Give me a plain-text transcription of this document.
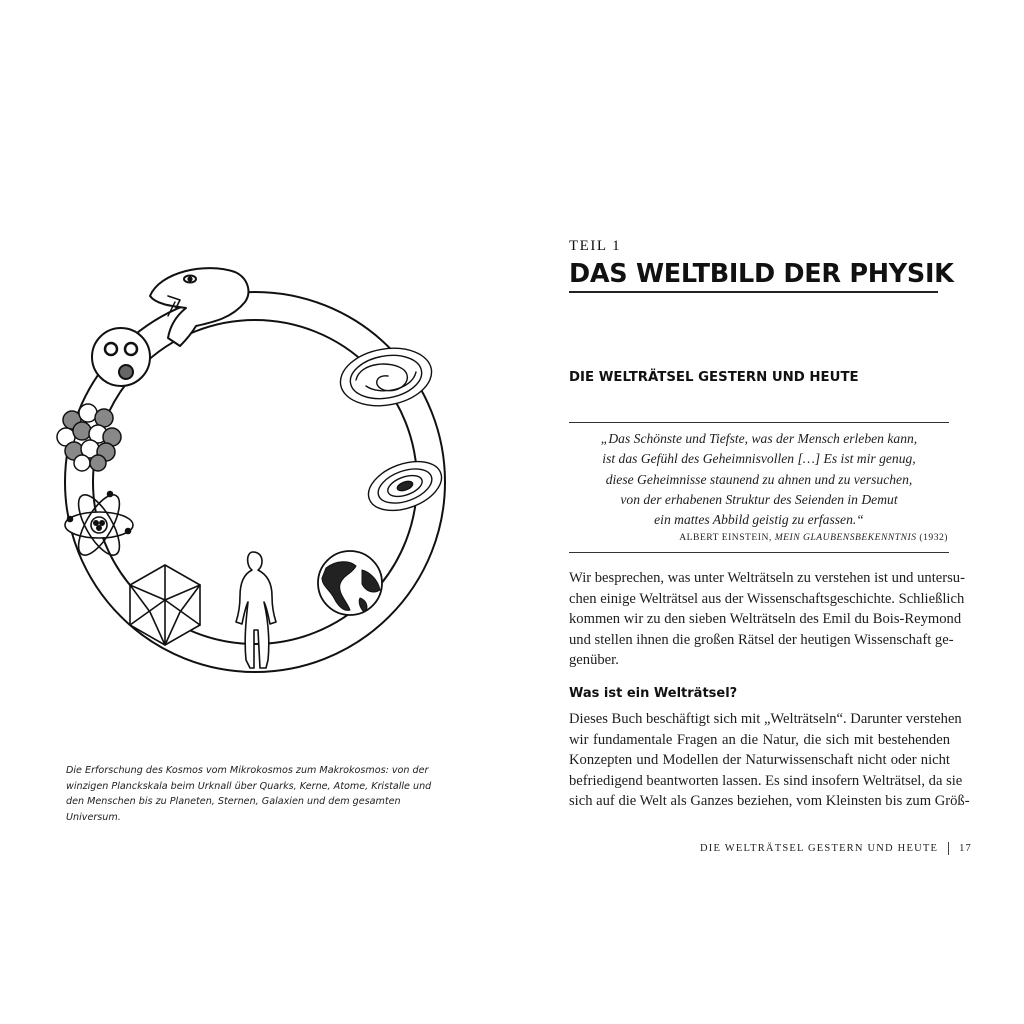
Die Erforschung des Kosmos vom Mikrokosmos zum Makrokosmos: von der winzigen Planckskala beim Urknall über Quarks, Kerne, Atome, Kristalle und den Menschen bis zu Planeten, Sternen, Galaxien und dem gesamten Universum.

TEIL 1
DAS WELTBILD DER PHYSIK
DIE WELTRÄTSEL GESTERN UND HEUTE
„Das Schönste und Tiefste, was der Mensch erleben kann,
ist das Gefühl des Geheimnisvollen […] Es ist mir genug,
diese Geheimnisse staunend zu ahnen und zu versuchen,
von der erhabenen Struktur des Seienden in Demut
ein mattes Abbild geistig zu erfassen.“
ALBERT EINSTEIN, MEIN GLAUBENSBEKENNTNIS (1932)
Wir besprechen, was unter Welträtseln zu verstehen ist und untersu-
chen einige Welträtsel aus der Wissenschaftsgeschichte. Schließlich
kommen wir zu den sieben Welträtseln des Emil du Bois-Reymond
und stellen ihnen die großen Rätsel der heutigen Wissenschaft ge-
genüber.
Was ist ein Welträtsel?
Dieses Buch beschäftigt sich mit „Welträtseln“. Darunter verstehen
wir fundamentale Fragen an die Natur, die sich mit bestehenden
Konzepten und Modellen der Naturwissenschaft nicht oder nicht
befriedigend beantworten lassen. Es sind insofern Welträtsel, da sie
sich auf die Welt als Ganzes beziehen, vom Kleinsten bis zum Größ-
DIE WELTRÄTSEL GESTERN UND HEUTE 17
